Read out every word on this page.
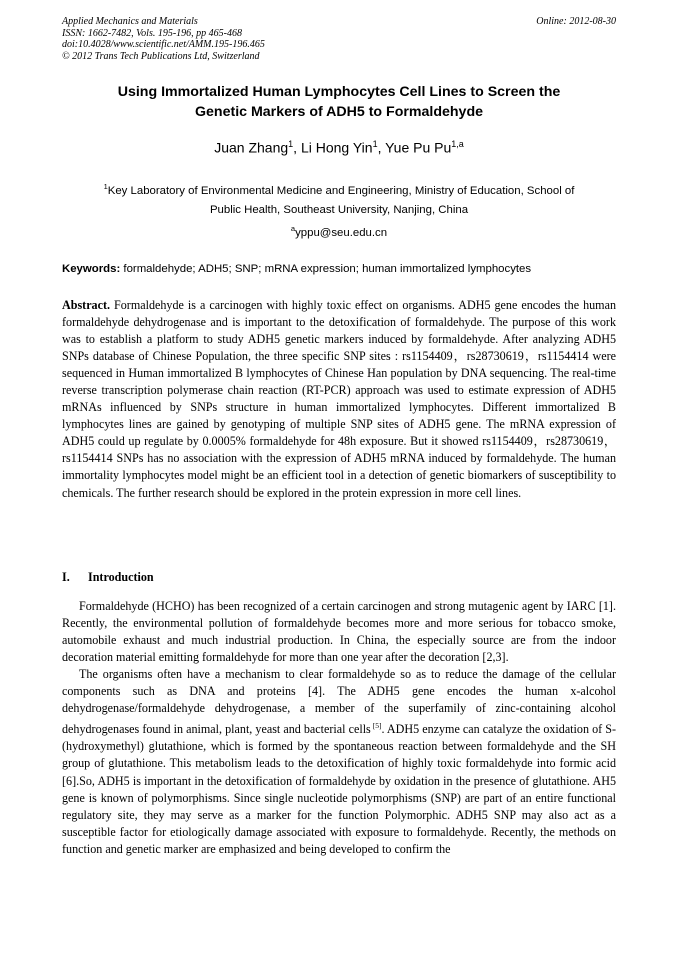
Applied Mechanics and Materials
ISSN: 1662-7482, Vols. 195-196, pp 465-468
doi:10.4028/www.scientific.net/AMM.195-196.465
© 2012 Trans Tech Publications Ltd, Switzerland
Online: 2012-08-30
Using Immortalized Human Lymphocytes Cell Lines to Screen the
Genetic Markers of ADH5 to Formaldehyde
Juan Zhang$^1$, Li Hong Yin$^1$, Yue Pu Pu$^{1,a}$
$^1$Key Laboratory of Environmental Medicine and Engineering, Ministry of Education, School of
Public Health, Southeast University, Nanjing, China
$^a$yppu@seu.edu.cn
Keywords: formaldehyde; ADH5; SNP; mRNA expression; human immortalized lymphocytes

Abstract. Formaldehyde is a carcinogen with highly toxic effect on organisms. ADH5 gene encodes the human formaldehyde dehydrogenase and is important to the detoxification of formaldehyde. The purpose of this work was to establish a platform to study ADH5 genetic markers induced by formaldehyde. After analyzing ADH5 SNPs database of Chinese Population, the three specific SNP sites : rs1154409，rs28730619，rs1154414 were sequenced in Human immortalized B lymphocytes of Chinese Han population by DNA sequencing. The real-time reverse transcription polymerase chain reaction (RT-PCR) approach was used to estimate expression of ADH5 mRNAs influenced by SNPs structure in human immortalized lymphocytes. Different immortalized B lymphocytes lines are gained by genotyping of multiple SNP sites of ADH5 gene. The mRNA expression of ADH5 could up regulate by 0.0005% formaldehyde for 48h exposure. But it showed rs1154409，rs28730619，rs1154414 SNPs has no association with the expression of ADH5 mRNA induced by formaldehyde. The human immortality lymphocytes model might be an efficient tool in a detection of genetic biomarkers of susceptibility to chemicals. The further research should be explored in the protein expression in more cell lines.

I. Introduction

Formaldehyde (HCHO) has been recognized of a certain carcinogen and strong mutagenic agent by IARC [1]. Recently, the environmental pollution of formaldehyde becomes more and more serious for tobacco smoke, automobile exhaust and much industrial production. In China, the especially source are from the indoor decoration material emitting formaldehyde for more than one year after the decoration [2,3].

The organisms often have a mechanism to clear formaldehyde so as to reduce the damage of the cellular components such as DNA and proteins [4]. The ADH5 gene encodes the human x-alcohol dehydrogenase/formaldehyde dehydrogenase, a member of the superfamily of zinc-containing alcohol dehydrogenases found in animal, plant, yeast and bacterial cells [5]. ADH5 enzyme can catalyze the oxidation of S-(hydroxymethyl) glutathione, which is formed by the spontaneous reaction between formaldehyde and the SH group of glutathione. This metabolism leads to the detoxification of highly toxic formaldehyde into formic acid [6].So, ADH5 is important in the detoxification of formaldehyde by oxidation in the presence of glutathione. AH5 gene is known of polymorphisms. Since single nucleotide polymorphisms (SNP) are part of an entire functional regulatory site, they may serve as a marker for the function Polymorphic. ADH5 SNP may also act as a susceptible factor for etiologically damage associated with exposure to formaldehyde. Recently, the methods on function and genetic marker are emphasized and being developed to confirm the
